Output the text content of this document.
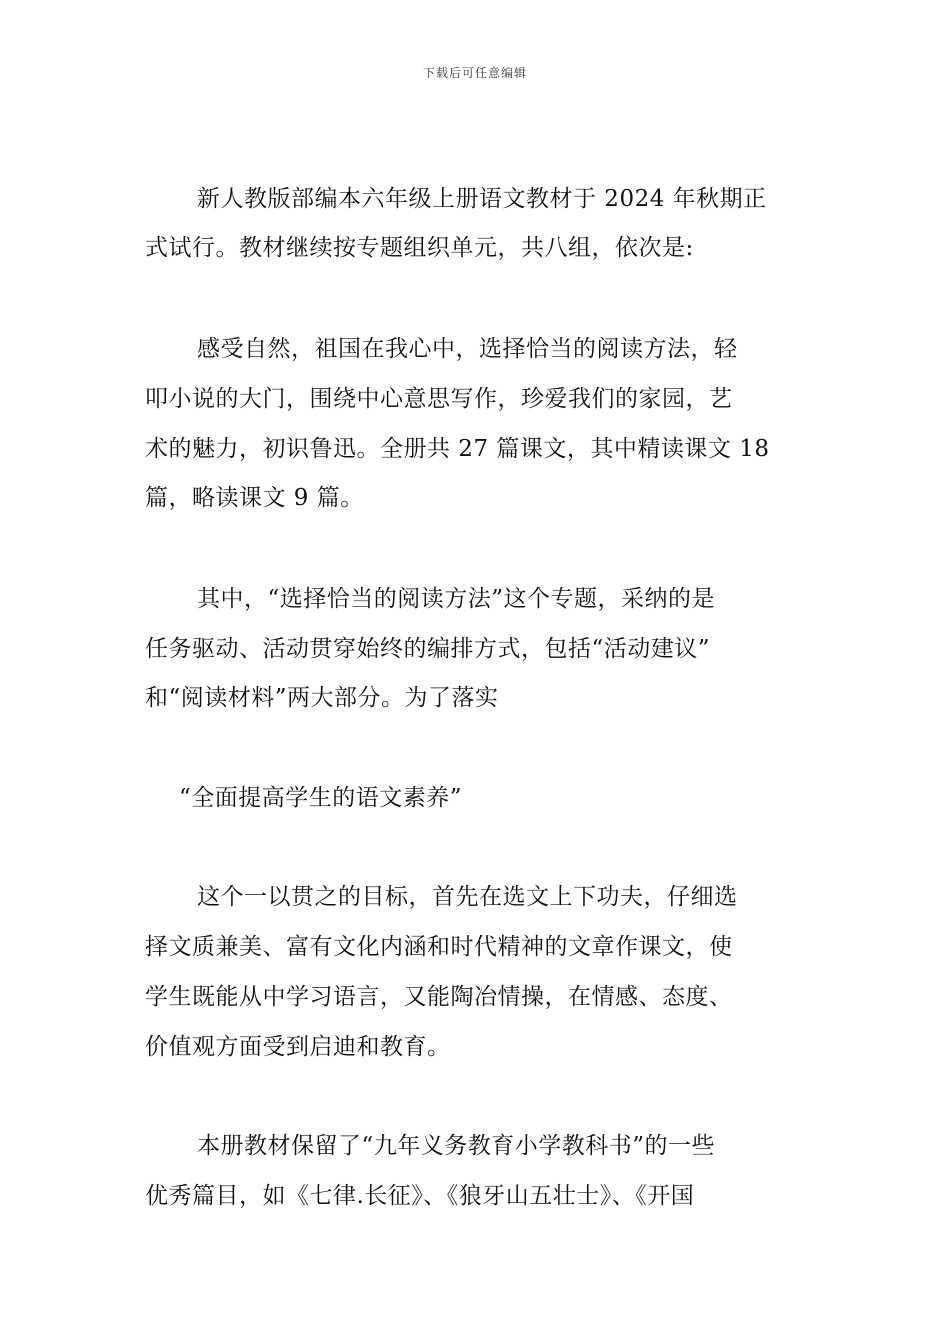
下载后可任意编辑
新人教版部编本六年级上册语文教材于 2024 年秋期正
式试行。教材继续按专题组织单元，共八组，依次是:
感受自然，祖国在我心中，选择恰当的阅读方法，轻
叩小说的大门，围绕中心意思写作，珍爱我们的家园，艺
术的魅力，初识鲁迅。全册共 27 篇课文，其中精读课文 18
篇，略读课文 9 篇。
其中，“选择恰当的阅读方法”这个专题，采纳的是
任务驱动、活动贯穿始终的编排方式，包括“活动建议”
和“阅读材料”两大部分。为了落实
“全面提高学生的语文素养”
这个一以贯之的目标，首先在选文上下功夫，仔细选
择文质兼美、富有文化内涵和时代精神的文章作课文，使
学生既能从中学习语言，又能陶冶情操，在情感、态度、
价值观方面受到启迪和教育。
本册教材保留了“九年义务教育小学教科书”的一些
优秀篇目，如《七律.长征》、《狼牙山五壮士》、《开国
